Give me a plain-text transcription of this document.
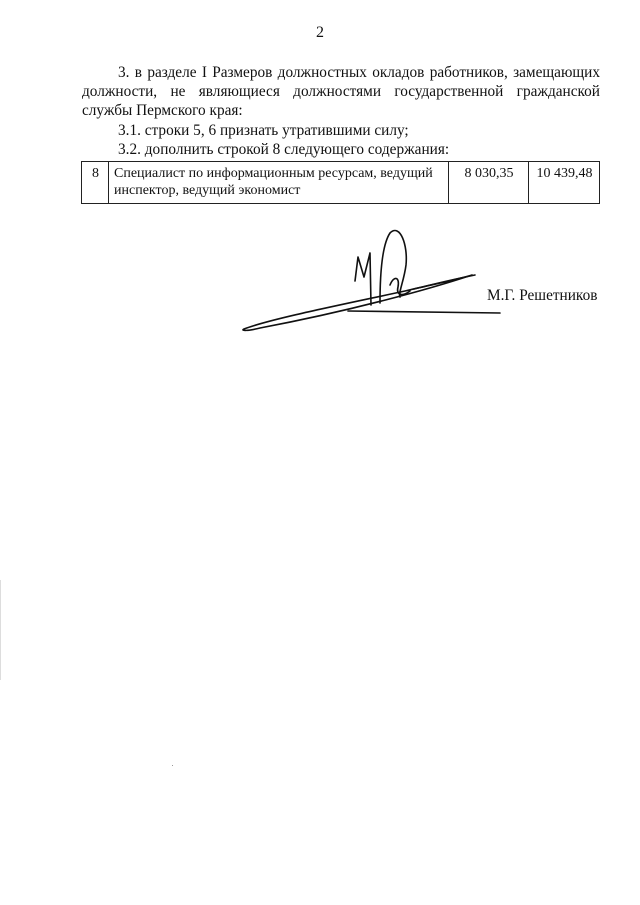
2
3. в разделе I Размеров должностных окладов работников, замещающих должности, не являющиеся должностями государственной гражданской службы Пермского края:
3.1. строки 5, 6 признать утратившими силу;
3.2. дополнить строкой 8 следующего содержания:
8	Специалист по информационным ресурсам, ведущий инспектор, ведущий экономист	8 030,35	10 439,48
М.Г. Решетников
